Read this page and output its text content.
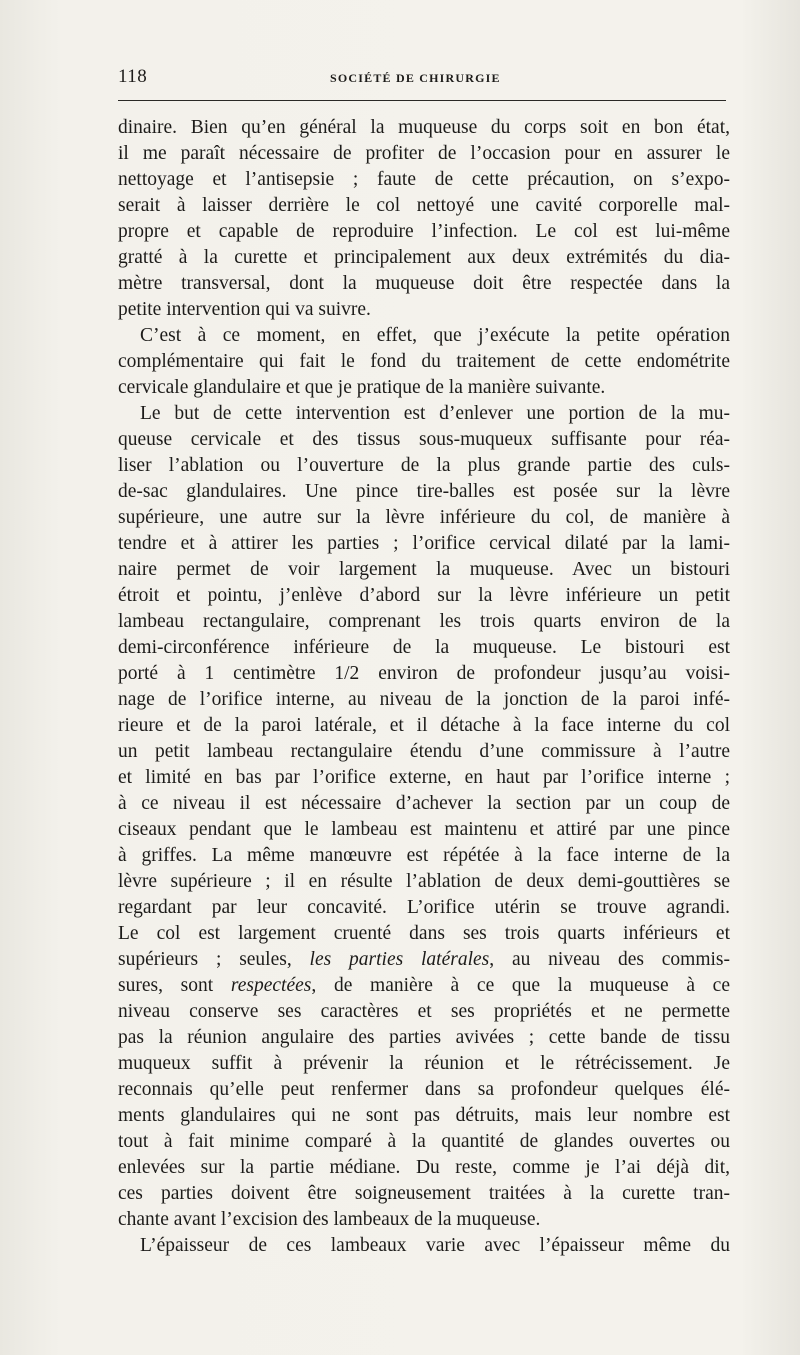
118	SOCIÉTÉ DE CHIRURGIE
dinaire. Bien qu’en général la muqueuse du corps soit en bon état,
il me paraît nécessaire de profiter de l’occasion pour en assurer le
nettoyage et l’antisepsie ; faute de cette précaution, on s’expo-
serait à laisser derrière le col nettoyé une cavité corporelle mal-
propre et capable de reproduire l’infection. Le col est lui-même
gratté à la curette et principalement aux deux extrémités du dia-
mètre transversal, dont la muqueuse doit être respectée dans la
petite intervention qui va suivre.
C’est à ce moment, en effet, que j’exécute la petite opération
complémentaire qui fait le fond du traitement de cette endométrite
cervicale glandulaire et que je pratique de la manière suivante.
Le but de cette intervention est d’enlever une portion de la mu-
queuse cervicale et des tissus sous-muqueux suffisante pour réa-
liser l’ablation ou l’ouverture de la plus grande partie des culs-
de-sac glandulaires. Une pince tire-balles est posée sur la lèvre
supérieure, une autre sur la lèvre inférieure du col, de manière à
tendre et à attirer les parties ; l’orifice cervical dilaté par la lami-
naire permet de voir largement la muqueuse. Avec un bistouri
étroit et pointu, j’enlève d’abord sur la lèvre inférieure un petit
lambeau rectangulaire, comprenant les trois quarts environ de la
demi-circonférence inférieure de la muqueuse. Le bistouri est
porté à 1 centimètre 1/2 environ de profondeur jusqu’au voisi-
nage de l’orifice interne, au niveau de la jonction de la paroi infé-
rieure et de la paroi latérale, et il détache à la face interne du col
un petit lambeau rectangulaire étendu d’une commissure à l’autre
et limité en bas par l’orifice externe, en haut par l’orifice interne ;
à ce niveau il est nécessaire d’achever la section par un coup de
ciseaux pendant que le lambeau est maintenu et attiré par une pince
à griffes. La même manœuvre est répétée à la face interne de la
lèvre supérieure ; il en résulte l’ablation de deux demi-gouttières se
regardant par leur concavité. L’orifice utérin se trouve agrandi.
Le col est largement cruenté dans ses trois quarts inférieurs et
supérieurs ; seules, les parties latérales, au niveau des commis-
sures, sont respectées, de manière à ce que la muqueuse à ce
niveau conserve ses caractères et ses propriétés et ne permette
pas la réunion angulaire des parties avivées ; cette bande de tissu
muqueux suffit à prévenir la réunion et le rétrécissement. Je
reconnais qu’elle peut renfermer dans sa profondeur quelques élé-
ments glandulaires qui ne sont pas détruits, mais leur nombre est
tout à fait minime comparé à la quantité de glandes ouvertes ou
enlevées sur la partie médiane. Du reste, comme je l’ai déjà dit,
ces parties doivent être soigneusement traitées à la curette tran-
chante avant l’excision des lambeaux de la muqueuse.
L’épaisseur de ces lambeaux varie avec l’épaisseur même du
